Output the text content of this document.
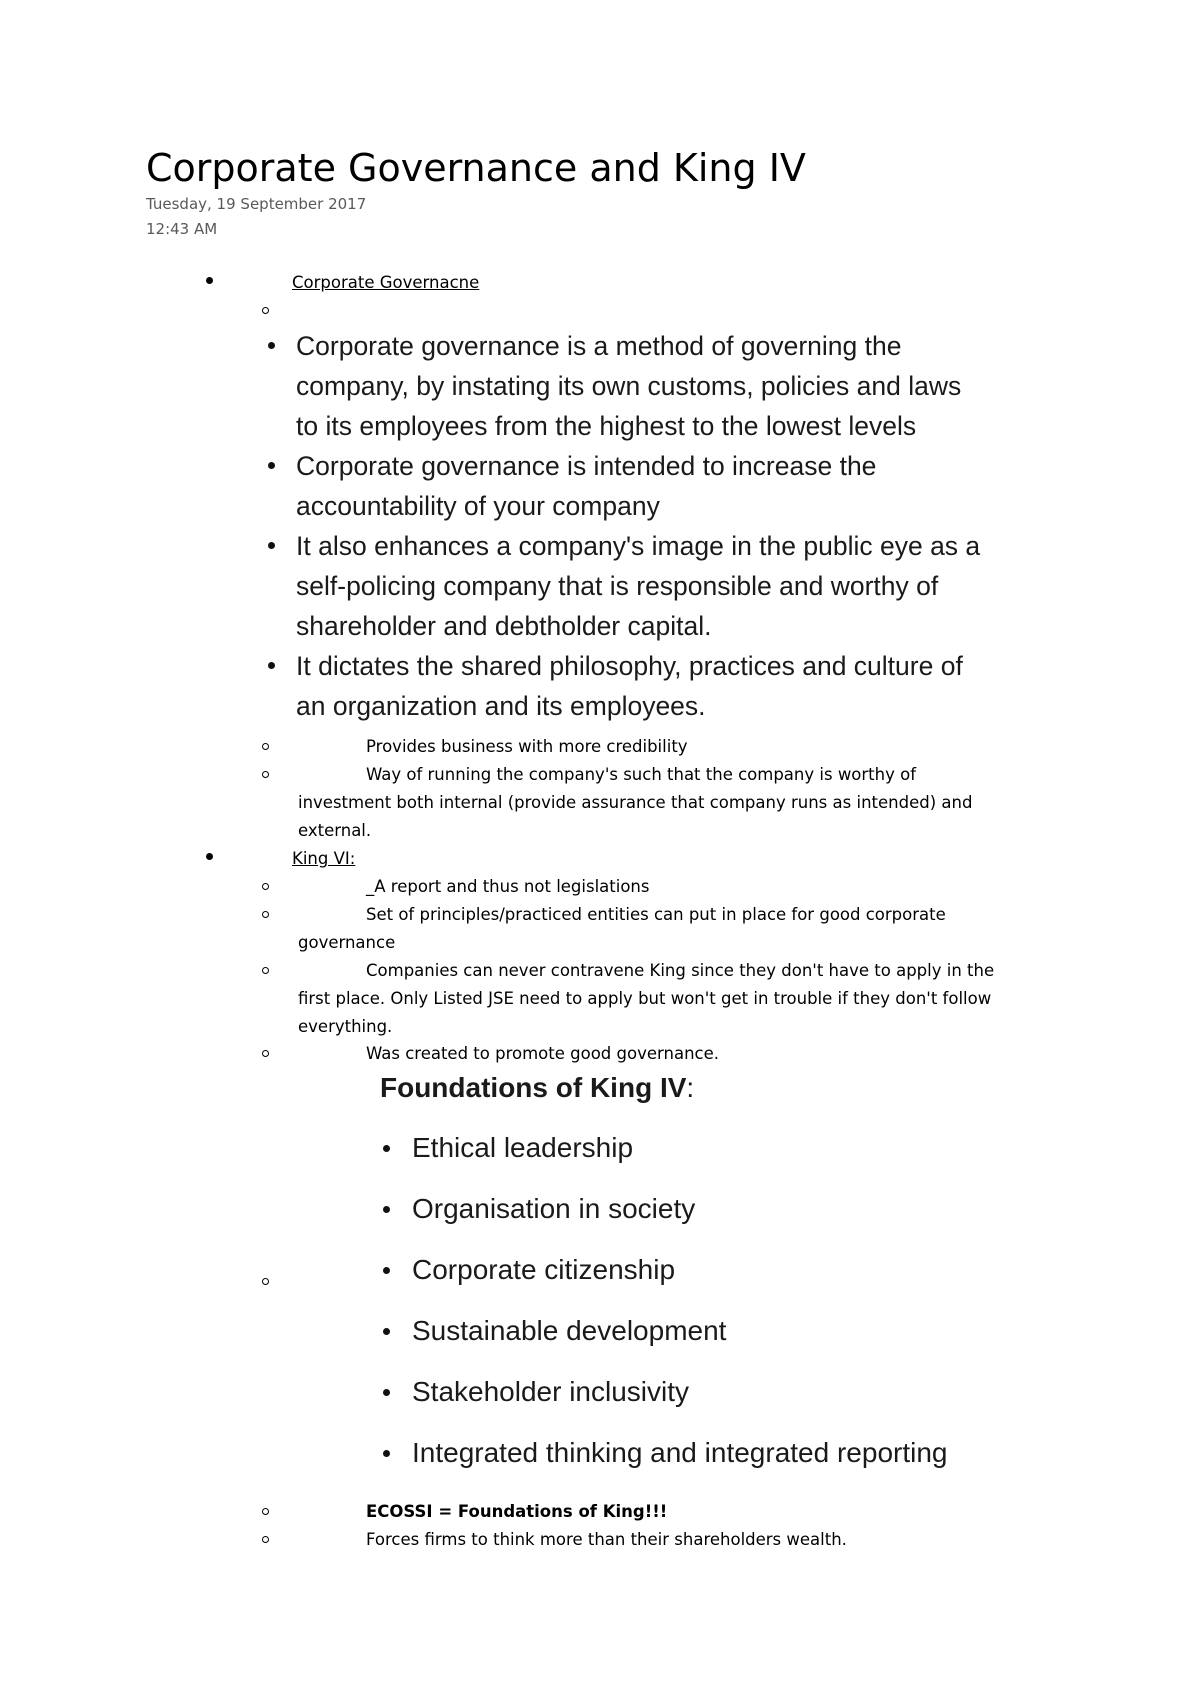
Corporate Governance and King IV
Tuesday, 19 September 2017
12:43 AM
Corporate Governacne
Corporate governance is a method of governing the
company, by instating its own customs, policies and laws
to its employees from the highest to the lowest levels
Corporate governance is intended to increase the
accountability of your company
It also enhances a company's image in the public eye as a
self-policing company that is responsible and worthy of
shareholder and debtholder capital.
It dictates the shared philosophy, practices and culture of
an organization and its employees.
Provides business with more credibility
Way of running the company's such that the company is worthy of
investment both internal (provide assurance that company runs as intended) and
external.
King VI:
_A report and thus not legislations
Set of principles/practiced entities can put in place for good corporate
governance
Companies can never contravene King since they don't have to apply in the
first place. Only Listed JSE need to apply but won't get in trouble if they don't follow
everything.
Was created to promote good governance.
Foundations of King IV:
Ethical leadership
Organisation in society
Corporate citizenship
Sustainable development
Stakeholder inclusivity
Integrated thinking and integrated reporting
ECOSSI = Foundations of King!!!
Forces firms to think more than their shareholders wealth.
